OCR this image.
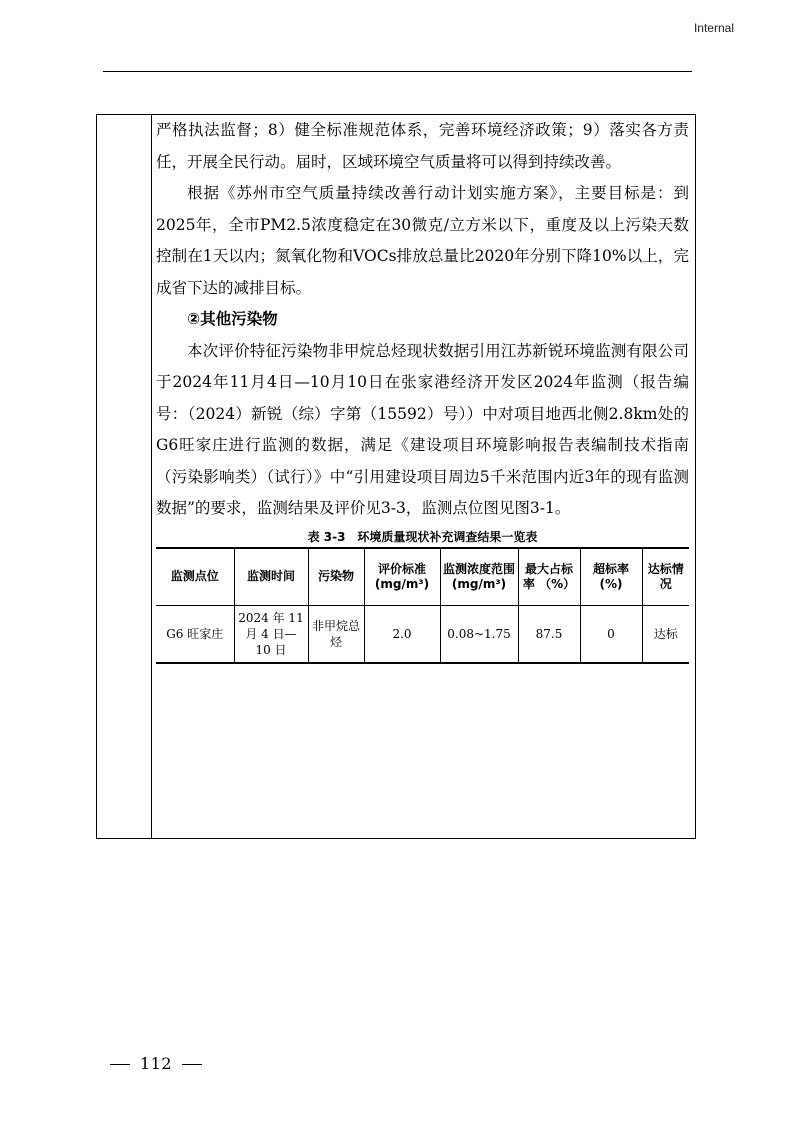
Internal

严格执法监督；8）健全标准规范体系，完善环境经济政策；9）落实各方责任，开展全民行动。届时，区域环境空气质量将可以得到持续改善。

根据《苏州市空气质量持续改善行动计划实施方案》，主要目标是：到2025年，全市PM2.5浓度稳定在30微克/立方米以下，重度及以上污染天数控制在1天以内；氮氧化物和VOCs排放总量比2020年分别下降10%以上，完成省下达的减排目标。

②其他污染物

本次评价特征污染物非甲烷总烃现状数据引用江苏新锐环境监测有限公司于2024年11月4日—10月10日在张家港经济开发区2024年监测（报告编号：（2024）新锐（综）字第（15592）号））中对项目地西北侧2.8km处的G6旺家庄进行监测的数据，满足《建设项目环境影响报告表编制技术指南（污染影响类）（试行）》中“引用建设项目周边5千米范围内近3年的现有监测数据”的要求，监测结果及评价见3-3，监测点位图见图3-1。

表 3-3　环境质量现状补充调查结果一览表
监测点位	监测时间	污染物	评价标准 (mg/m³)	监测浓度范围 (mg/m³)	最大占标率 （%）	超标率 (%)	达标情况
G6 旺家庄	2024 年 11 月 4 日— 10 日	非甲烷总烃	2.0	0.08~1.75	87.5	0	达标
112
